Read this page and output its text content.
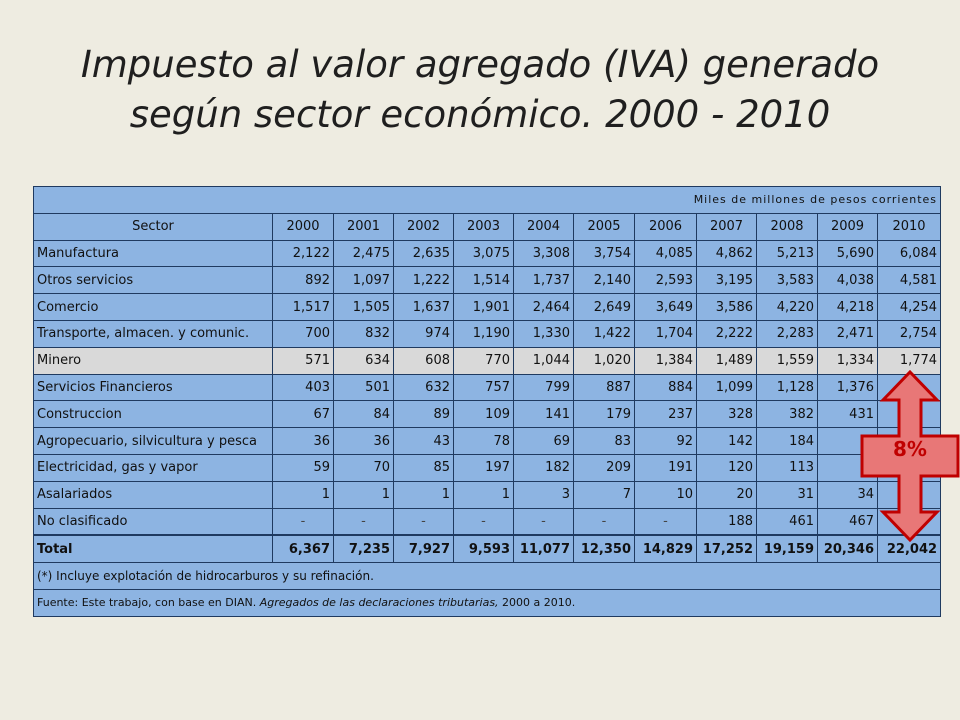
Impuesto al valor agregado (IVA) generado
según sector económico. 2000 - 2010
Miles de millones de pesos corrientes											
Sector	2000	2001	2002	2003	2004	2005	2006	2007	2008	2009	2010
Manufactura	2,122	2,475	2,635	3,075	3,308	3,754	4,085	4,862	5,213	5,690	6,084
Otros servicios	892	1,097	1,222	1,514	1,737	2,140	2,593	3,195	3,583	4,038	4,581
Comercio	1,517	1,505	1,637	1,901	2,464	2,649	3,649	3,586	4,220	4,218	4,254
Transporte, almacen. y comunic.	700	832	974	1,190	1,330	1,422	1,704	2,222	2,283	2,471	2,754
Minero	571	634	608	770	1,044	1,020	1,384	1,489	1,559	1,334	1,774
Servicios Financieros	403	501	632	757	799	887	884	1,099	1,128	1,376	
Construccion	67	84	89	109	141	179	237	328	382	431	
Agropecuario, silvicultura y pesca	36	36	43	78	69	83	92	142	184		
Electricidad, gas y vapor	59	70	85	197	182	209	191	120	113		
Asalariados	1	1	1	1	3	7	10	20	31	34	
No clasificado	-	-	-	-	-	-	-	188	461	467	
Total	6,367	7,235	7,927	9,593	11,077	12,350	14,829	17,252	19,159	20,346	22,042
(*) Incluye explotación de hidrocarburos y su refinación.											
Fuente: Este trabajo, con base en DIAN. Agregados de las declaraciones tributarias, 2000 a 2010.											
8%
